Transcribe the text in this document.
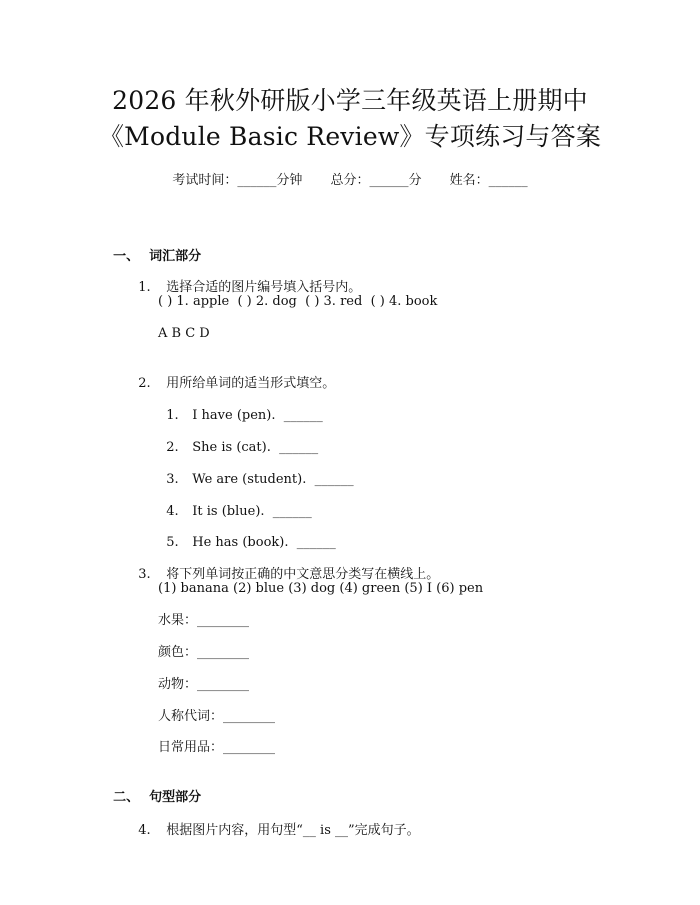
2026 年秋外研版小学三年级英语上册期中
《Module Basic Review》专项练习与答案
考试时间：______分钟 总分：______分 姓名：______

一、 词汇部分

1. 选择合适的图片编号填入括号内。

( ) 1. apple  ( ) 2. dog  ( ) 3. red  ( ) 4. book
A B C D

2. 用所给单词的适当形式填空。

1. I have (pen).  ______

2. She is (cat).  ______

3. We are (student).  ______

4. It is (blue).  ______

5. He has (book).  ______

3. 将下列单词按正确的中文意思分类写在横线上。

(1) banana (2) blue (3) dog (4) green (5) I (6) pen
水果：________
颜色：________
动物：________
人称代词：________
日常用品：________

二、 句型部分

4. 根据图片内容，用句型“__ is __”完成句子。
